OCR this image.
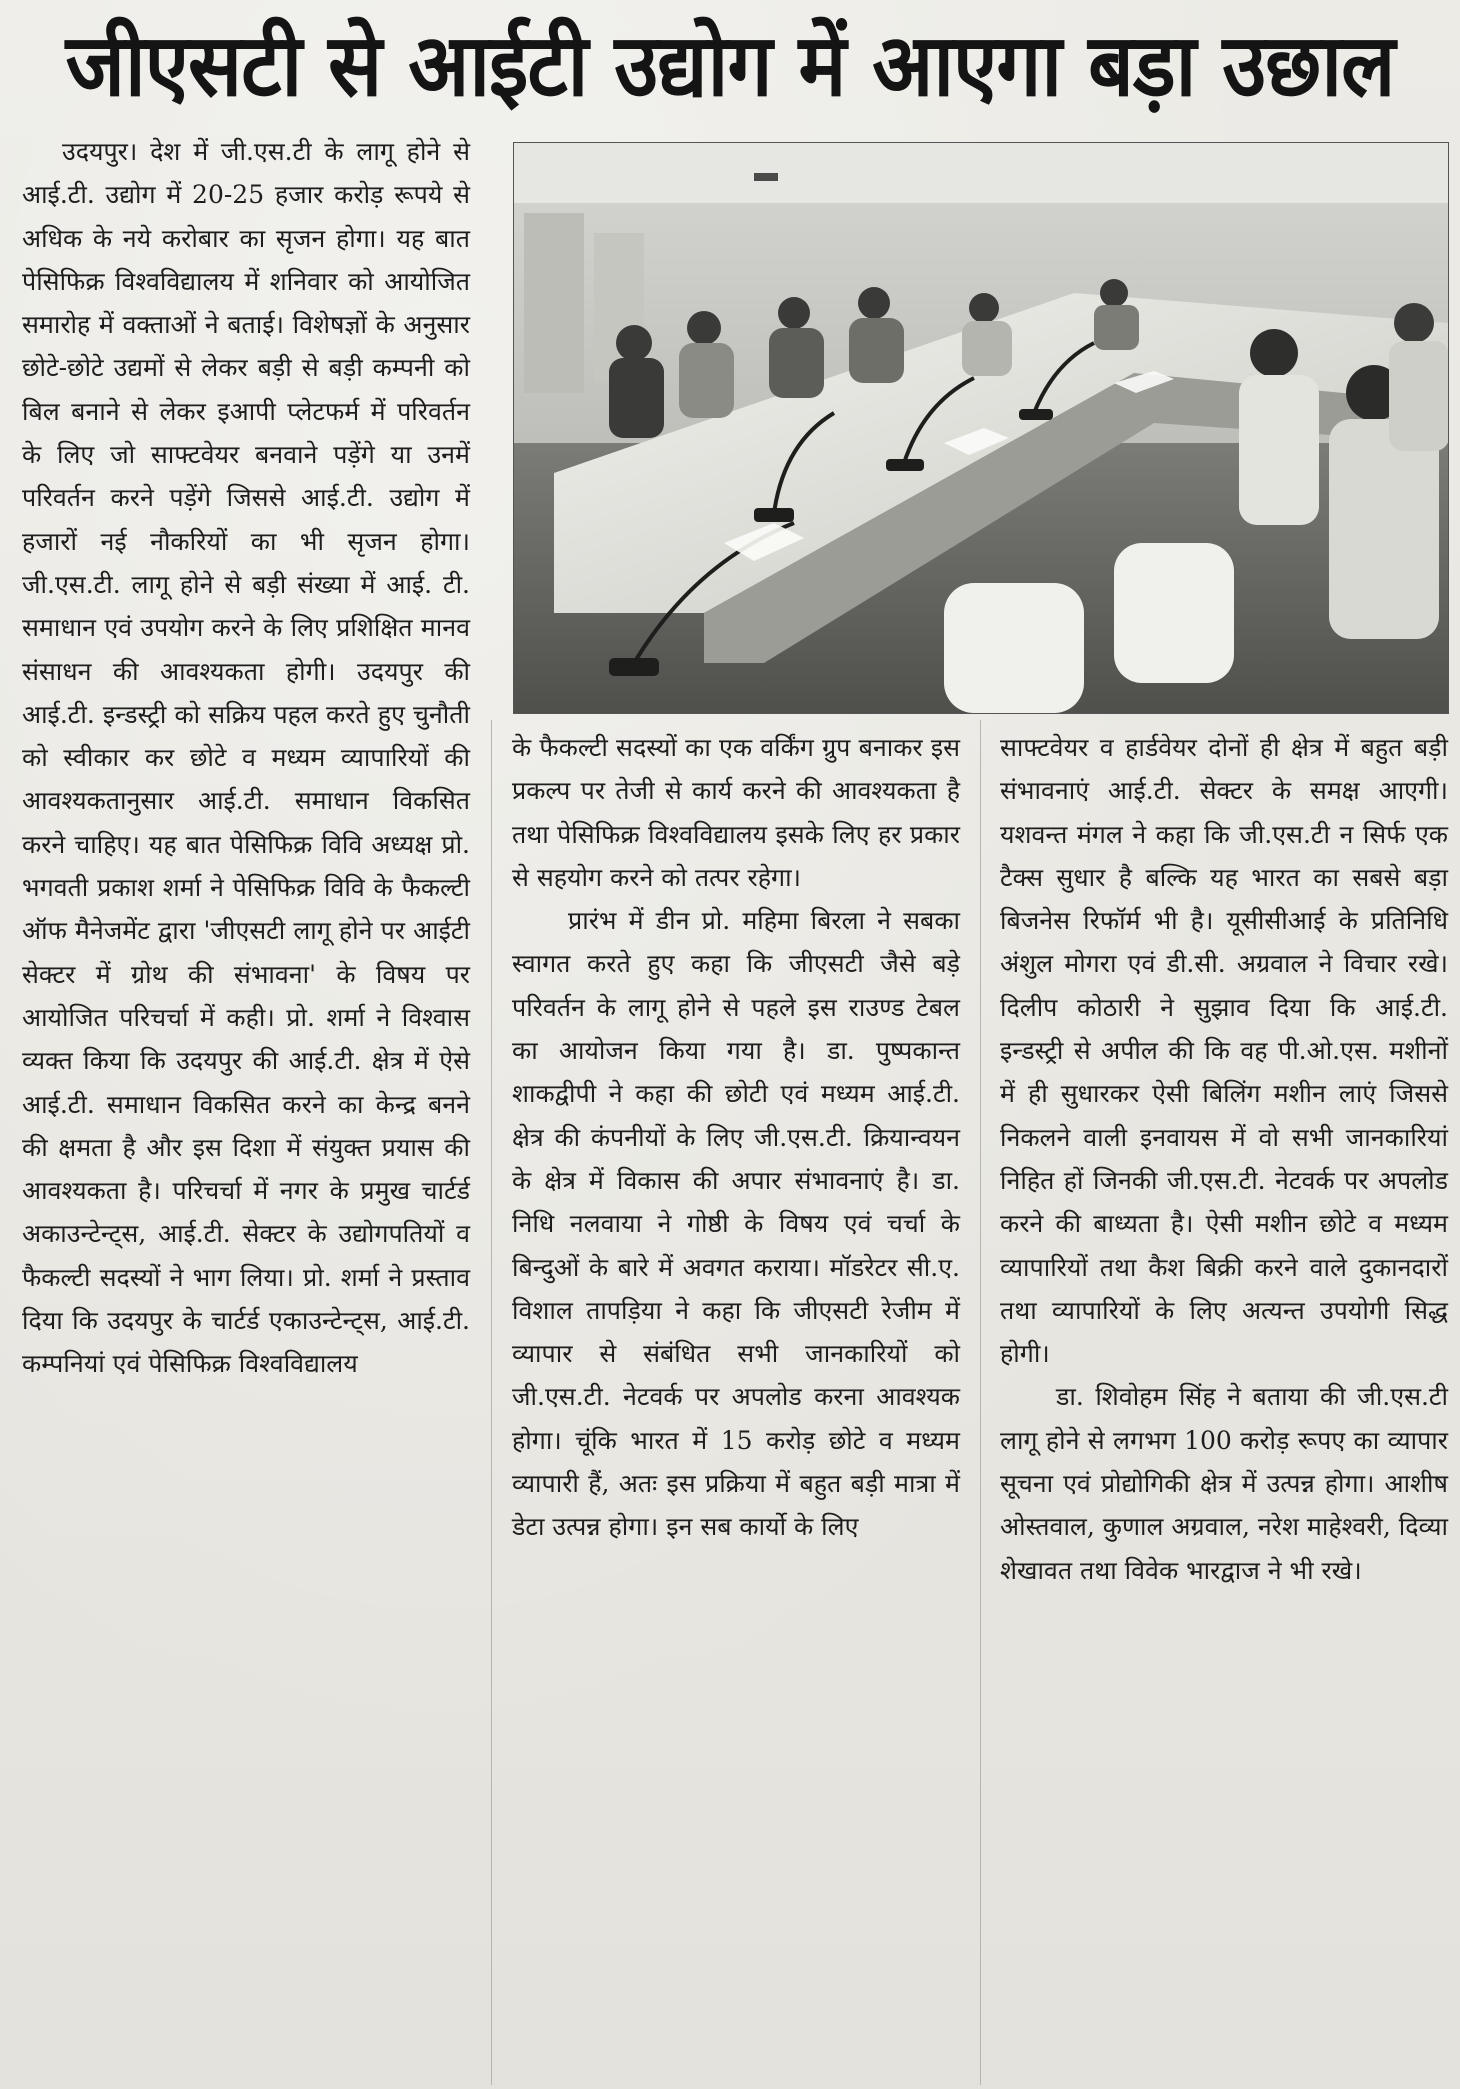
जीएसटी से आईटी उद्योग में आएगा बड़ा उछाल

उदयपुर। देश में जी.एस.टी के लागू होने से आई.टी. उद्योग में 20-25 हजार करोड़ रूपये से अधिक के नये करोबार का सृजन होगा। यह बात पेसिफिक्र विश्वविद्यालय में शनिवार को आयोजित समारोह में वक्ताओं ने बताई। विशेषज्ञों के अनुसार छोटे-छोटे उद्यमों से लेकर बड़ी से बड़ी कम्पनी को बिल बनाने से लेकर इआपी प्लेटफर्म में परिवर्तन के लिए जो साफ्टवेयर बनवाने पड़ेंगे या उनमें परिवर्तन करने पड़ेंगे जिससे आई.टी. उद्योग में हजारों नई नौकरियों का भी सृजन होगा। जी.एस.टी. लागू होने से बड़ी संख्या में आई. टी. समाधान एवं उपयोग करने के लिए प्रशिक्षित मानव संसाधन की आवश्यकता होगी। उदयपुर की आई.टी. इन्डस्ट्री को सक्रिय पहल करते हुए चुनौती को स्वीकार कर छोटे व मध्यम व्यापारियों की आवश्यकतानुसार आई.टी. समाधान विकसित करने चाहिए। यह बात पेसिफिक्र विवि अध्यक्ष प्रो. भगवती प्रकाश शर्मा ने पेसिफिक्र विवि के फैकल्टी ऑफ मैनेजमेंट द्वारा 'जीएसटी लागू होने पर आईटी सेक्टर में ग्रोथ की संभावना' के विषय पर आयोजित परिचर्चा में कही। प्रो. शर्मा ने विश्वास व्यक्त किया कि उदयपुर की आई.टी. क्षेत्र में ऐसे आई.टी. समाधान विकसित करने का केन्द्र बनने की क्षमता है और इस दिशा में संयुक्त प्रयास की आवश्यकता है। परिचर्चा में नगर के प्रमुख चार्टर्ड अकाउन्टेन्ट्स, आई.टी. सेक्टर के उद्योगपतियों व फैकल्टी सदस्यों ने भाग लिया। प्रो. शर्मा ने प्रस्ताव दिया कि उदयपुर के चार्टर्ड एकाउन्टेन्ट्स, आई.टी. कम्पनियां एवं पेसिफिक्र विश्वविद्यालय

के फैकल्टी सदस्यों का एक वर्किंग ग्रुप बनाकर इस प्रकल्प पर तेजी से कार्य करने की आवश्यकता है तथा पेसिफिक्र विश्वविद्यालय इसके लिए हर प्रकार से सहयोग करने को तत्पर रहेगा।

प्रारंभ में डीन प्रो. महिमा बिरला ने सबका स्वागत करते हुए कहा कि जीएसटी जैसे बड़े परिवर्तन के लागू होने से पहले इस राउण्ड टेबल का आयोजन किया गया है। डा. पुष्पकान्त शाकद्वीपी ने कहा की छोटी एवं मध्यम आई.टी. क्षेत्र की कंपनीयों के लिए जी.एस.टी. क्रियान्वयन के क्षेत्र में विकास की अपार संभावनाएं है। डा. निधि नलवाया ने गोष्ठी के विषय एवं चर्चा के बिन्दुओं के बारे में अवगत कराया। मॉडरेटर सी.ए. विशाल तापड़िया ने कहा कि जीएसटी रेजीम में व्यापार से संबंधित सभी जानकारियों को जी.एस.टी. नेटवर्क पर अपलोड करना आवश्यक होगा। चूंकि भारत में 15 करोड़ छोटे व मध्यम व्यापारी हैं, अतः इस प्रक्रिया में बहुत बड़ी मात्रा में डेटा उत्पन्न होगा। इन सब कार्यो के लिए

साफ्टवेयर व हार्डवेयर दोनों ही क्षेत्र में बहुत बड़ी संभावनाएं आई.टी. सेक्टर के समक्ष आएगी। यशवन्त मंगल ने कहा कि जी.एस.टी न सिर्फ एक टैक्स सुधार है बल्कि यह भारत का सबसे बड़ा बिजनेस रिफॉर्म भी है। यूसीसीआई के प्रतिनिधि अंशुल मोगरा एवं डी.सी. अग्रवाल ने विचार रखे। दिलीप कोठारी ने सुझाव दिया कि आई.टी. इन्डस्ट्री से अपील की कि वह पी.ओ.एस. मशीनों में ही सुधारकर ऐसी बिलिंग मशीन लाएं जिससे निकलने वाली इनवायस में वो सभी जानकारियां निहित हों जिनकी जी.एस.टी. नेटवर्क पर अपलोड करने की बाध्यता है। ऐसी मशीन छोटे व मध्यम व्यापारियों तथा कैश बिक्री करने वाले दुकानदारों तथा व्यापारियों के लिए अत्यन्त उपयोगी सिद्ध होगी।

डा. शिवोहम सिंह ने बताया की जी.एस.टी लागू होने से लगभग 100 करोड़ रूपए का व्यापार सूचना एवं प्रोद्योगिकी क्षेत्र में उत्पन्न होगा। आशीष ओस्तवाल, कुणाल अग्रवाल, नरेश माहेश्वरी, दिव्या शेखावत तथा विवेक भारद्वाज ने भी रखे।
